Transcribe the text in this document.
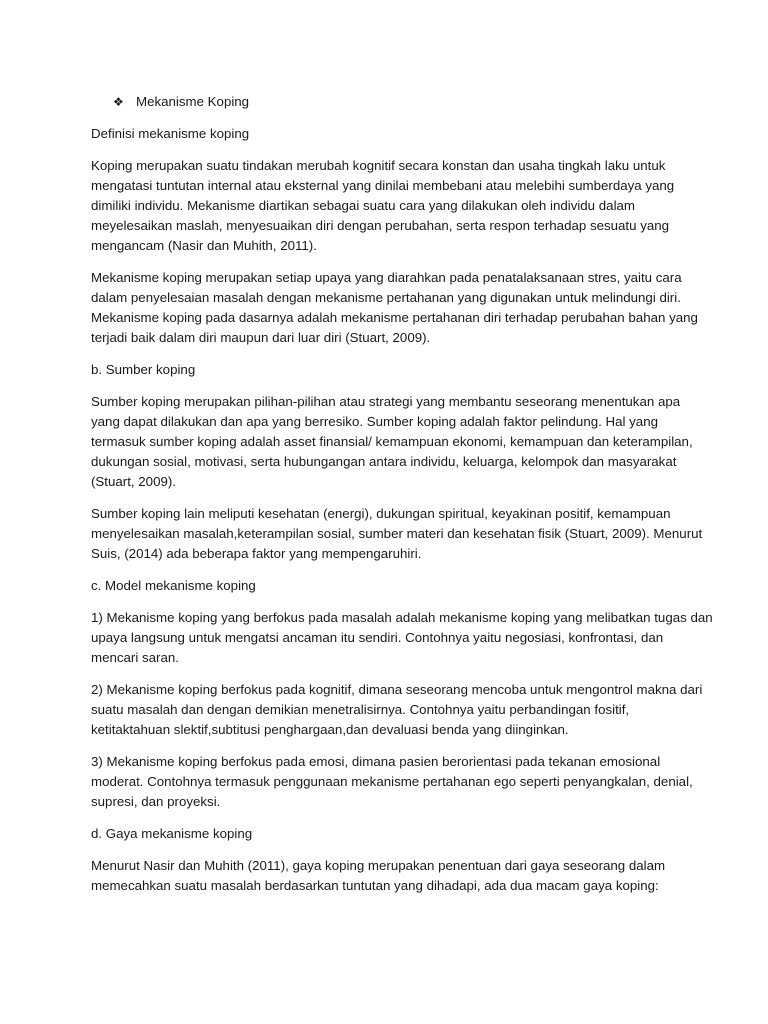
❖ Mekanisme Koping
Definisi mekanisme koping
Koping merupakan suatu tindakan merubah kognitif secara konstan dan usaha tingkah laku untuk
mengatasi tuntutan internal atau eksternal yang dinilai membebani atau melebihi sumberdaya yang
dimiliki individu. Mekanisme diartikan sebagai suatu cara yang dilakukan oleh individu dalam
meyelesaikan maslah, menyesuaikan diri dengan perubahan, serta respon terhadap sesuatu yang
mengancam (Nasir dan Muhith, 2011).
Mekanisme koping merupakan setiap upaya yang diarahkan pada penatalaksanaan stres, yaitu cara
dalam penyelesaian masalah dengan mekanisme pertahanan yang digunakan untuk melindungi diri.
Mekanisme koping pada dasarnya adalah mekanisme pertahanan diri terhadap perubahan bahan yang
terjadi baik dalam diri maupun dari luar diri (Stuart, 2009).
b. Sumber koping
Sumber koping merupakan pilihan-pilihan atau strategi yang membantu seseorang menentukan apa
yang dapat dilakukan dan apa yang berresiko. Sumber koping adalah faktor pelindung. Hal yang
termasuk sumber koping adalah asset finansial/ kemampuan ekonomi, kemampuan dan keterampilan,
dukungan sosial, motivasi, serta hubungangan antara individu, keluarga, kelompok dan masyarakat
(Stuart, 2009).
Sumber koping lain meliputi kesehatan (energi), dukungan spiritual, keyakinan positif, kemampuan
menyelesaikan masalah,keterampilan sosial, sumber materi dan kesehatan fisik (Stuart, 2009). Menurut
Suis, (2014) ada beberapa faktor yang mempengaruhiri.
c. Model mekanisme koping
1) Mekanisme koping yang berfokus pada masalah adalah mekanisme koping yang melibatkan tugas dan
upaya langsung untuk mengatsi ancaman itu sendiri. Contohnya yaitu negosiasi, konfrontasi, dan
mencari saran.
2) Mekanisme koping berfokus pada kognitif, dimana seseorang mencoba untuk mengontrol makna dari
suatu masalah dan dengan demikian menetralisirnya. Contohnya yaitu perbandingan fositif,
ketitaktahuan slektif,subtitusi penghargaan,dan devaluasi benda yang diinginkan.
3) Mekanisme koping berfokus pada emosi, dimana pasien berorientasi pada tekanan emosional
moderat. Contohnya termasuk penggunaan mekanisme pertahanan ego seperti penyangkalan, denial,
supresi, dan proyeksi.
d. Gaya mekanisme koping
Menurut Nasir dan Muhith (2011), gaya koping merupakan penentuan dari gaya seseorang dalam
memecahkan suatu masalah berdasarkan tuntutan yang dihadapi, ada dua macam gaya koping:
